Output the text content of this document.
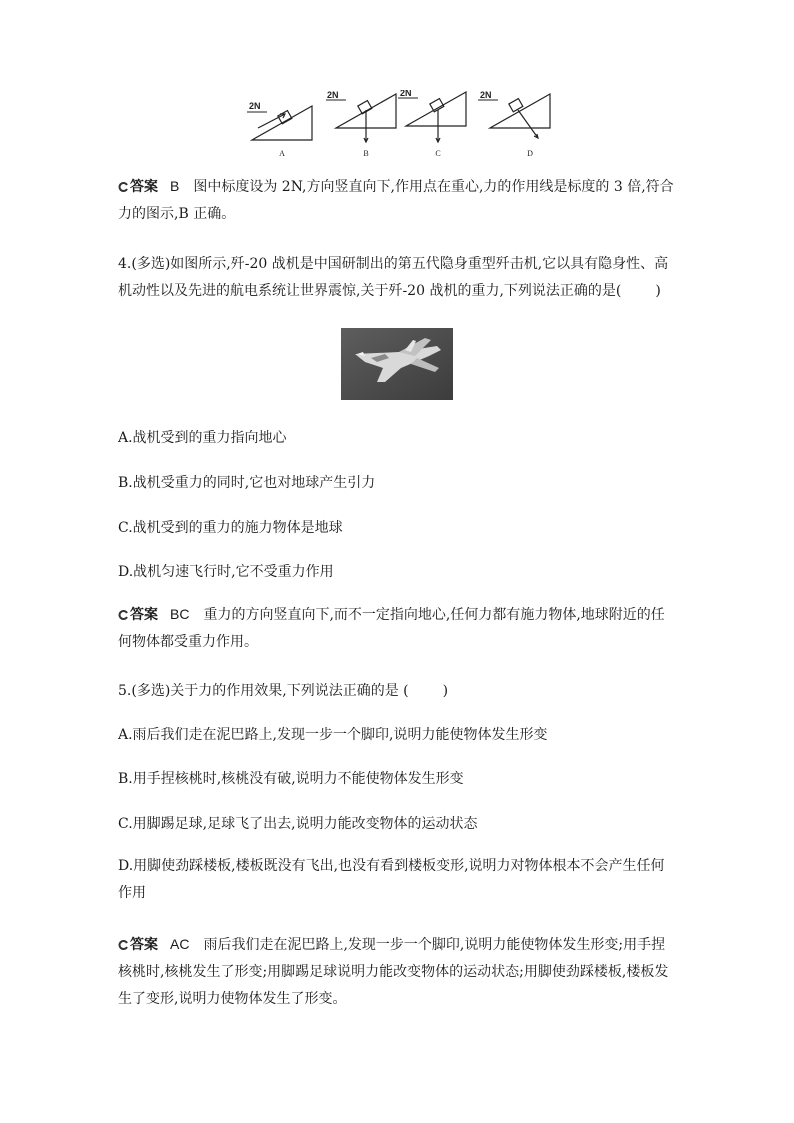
2N
2N	2N	2N
A	B	C	D

答案 B 图中标度设为 2N,方向竖直向下,作用点在重心,力的作用线是标度的 3 倍,符合力的图示,B 正确。

4.(多选)如图所示,歼-20 战机是中国研制出的第五代隐身重型歼击机,它以具有隐身性、高机动性以及先进的航电系统让世界震惊,关于歼-20 战机的重力,下列说法正确的是( )

A.战机受到的重力指向地心

B.战机受重力的同时,它也对地球产生引力

C.战机受到的重力的施力物体是地球

D.战机匀速飞行时,它不受重力作用

答案 BC 重力的方向竖直向下,而不一定指向地心,任何力都有施力物体,地球附近的任何物体都受重力作用。

5.(多选)关于力的作用效果,下列说法正确的是 ( )

A.雨后我们走在泥巴路上,发现一步一个脚印,说明力能使物体发生形变

B.用手捏核桃时,核桃没有破,说明力不能使物体发生形变

C.用脚踢足球,足球飞了出去,说明力能改变物体的运动状态

D.用脚使劲踩楼板,楼板既没有飞出,也没有看到楼板变形,说明力对物体根本不会产生任何作用

答案 AC 雨后我们走在泥巴路上,发现一步一个脚印,说明力能使物体发生形变;用手捏核桃时,核桃发生了形变;用脚踢足球说明力能改变物体的运动状态;用脚使劲踩楼板,楼板发生了变形,说明力使物体发生了形变。
